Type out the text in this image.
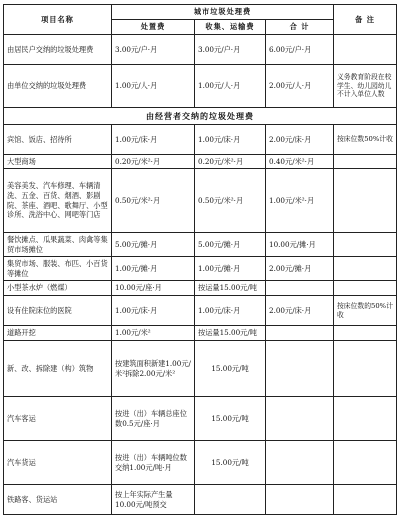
项目名称	城市垃圾处理费			备 注
	处置费	收集、运输费	合 计	
由居民户交纳的垃圾处理费	3.00元/户·月	3.00元/户·月	6.00元/户·月	
由单位交纳的垃圾处理费	1.00元/人·月	1.00元/人·月	2.00元/人·月	义务教育阶段在校学生、幼儿园幼儿不计入单位人数
由经营者交纳的垃圾处理费				
宾馆、饭店、招待所	1.00元/床·月	1.00元/床·月	2.00元/床·月	按床位数50%计收
大型商场	0.20元/米²·月	0.20元/米²·月	0.40元/米²·月	
美容美发、汽车修理、车辆清洗、五金、百货、烟酒、影剧院、茶座、酒吧、歌舞厅、小型诊所、洗浴中心、网吧等门店	0.50元/米²·月	0.50元/米²·月	1.00元/米²·月	
餐饮摊点、瓜果蔬菜、肉禽等集贸市场摊位	5.00元/摊·月	5.00元/摊·月	10.00元/摊·月	
集贸市场、服装、布匹、小百货等摊位	1.00元/摊·月	1.00元/摊·月	2.00元/摊·月	
小型茶水炉（燃煤）	10.00元/座·月	按运量15.00元/吨		
设有住院床位的医院	1.00元/床·月	1.00元/床·月	2.00元/床·月	按床位数的50%计收
道路开挖	1.00元/米²	按运量15.00元/吨		
新、改、拆除建（构）筑物	按建筑面积新建1.00元/米²拆除2.00元/米²	15.00元/吨		
汽车客运	按进（出）车辆总座位数0.5元/座·月	15.00元/吨		
汽车货运	按进（出）车辆吨位数交纳1.00元/吨·月	15.00元/吨		
铁路客、货运站	按上年实际产生量10.00元/吨预交			
